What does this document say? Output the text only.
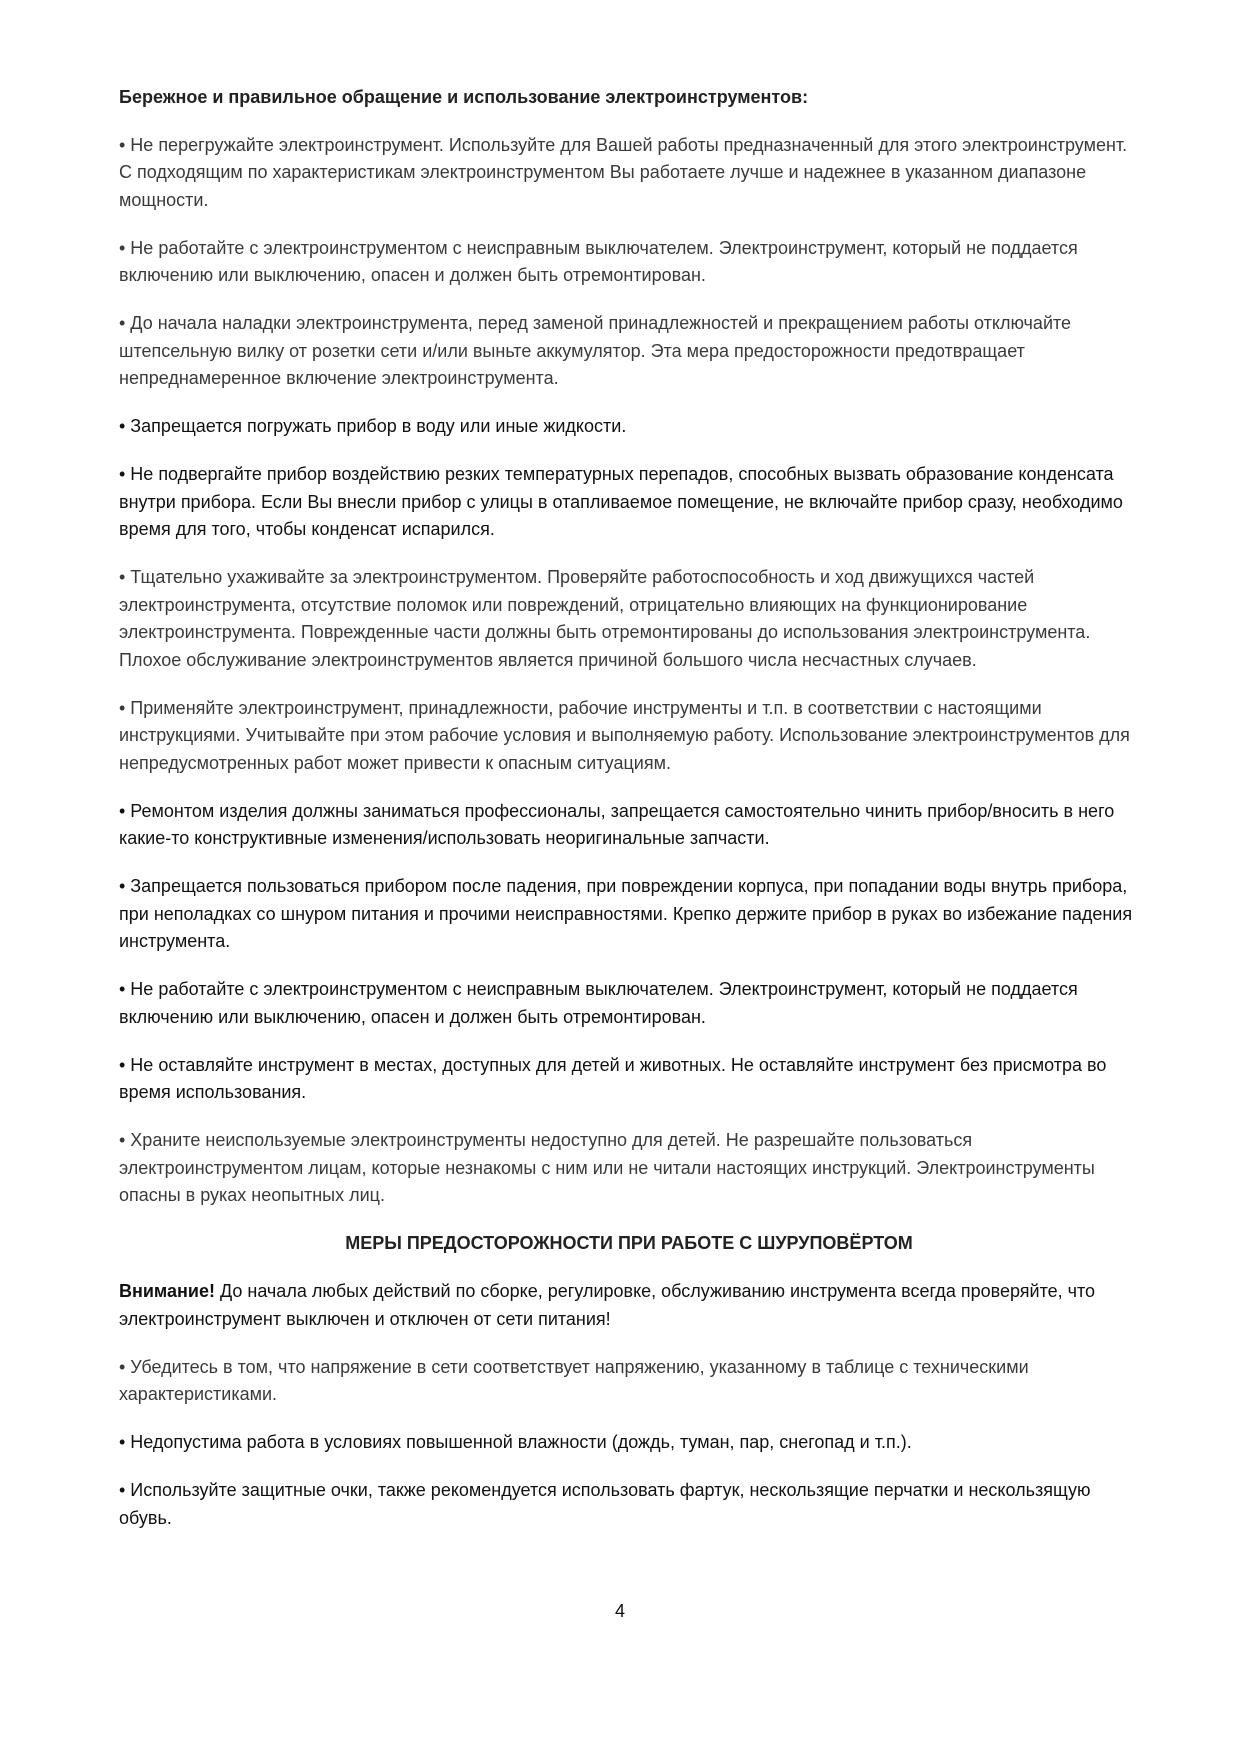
Бережное и правильное обращение и использование электроинструментов:

• Не перегружайте электроинструмент. Используйте для Вашей работы предназначенный для этого электроинструмент. С подходящим по характеристикам электроинструментом Вы работаете лучше и надежнее в указанном диапазоне мощности.

• Не работайте с электроинструментом с неисправным выключателем. Электроинструмент, который не поддается включению или выключению, опасен и должен быть отремонтирован.

• До начала наладки электроинструмента, перед заменой принадлежностей и прекращением работы отключайте штепсельную вилку от розетки сети и/или выньте аккумулятор. Эта мера предосторожности предотвращает непреднамеренное включение электроинструмента.

• Запрещается погружать прибор в воду или иные жидкости.

• Не подвергайте прибор воздействию резких температурных перепадов, способных вызвать образование конденсата внутри прибора. Если Вы внесли прибор с улицы в отапливаемое помещение, не включайте прибор сразу, необходимо время для того, чтобы конденсат испарился.

• Тщательно ухаживайте за электроинструментом. Проверяйте работоспособность и ход движущихся частей электроинструмента, отсутствие поломок или повреждений, отрицательно влияющих на функционирование электроинструмента. Поврежденные части должны быть отремонтированы до использования электроинструмента. Плохое обслуживание электроинструментов является причиной большого числа несчастных случаев.

• Применяйте электроинструмент, принадлежности, рабочие инструменты и т.п. в соответствии с настоящими инструкциями. Учитывайте при этом рабочие условия и выполняемую работу. Использование электроинструментов для непредусмотренных работ может привести к опасным ситуациям.

• Ремонтом изделия должны заниматься профессионалы, запрещается самостоятельно чинить прибор/вносить в него какие-то конструктивные изменения/использовать неоригинальные запчасти.

• Запрещается пользоваться прибором после падения, при повреждении корпуса, при попадании воды внутрь прибора, при неполадках со шнуром питания и прочими неисправностями. Крепко держите прибор в руках во избежание падения инструмента.

• Не работайте с электроинструментом с неисправным выключателем. Электроинструмент, который не поддается включению или выключению, опасен и должен быть отремонтирован.

• Не оставляйте инструмент в местах, доступных для детей и животных. Не оставляйте инструмент без присмотра во время использования.

• Храните неиспользуемые электроинструменты недоступно для детей. Не разрешайте пользоваться электроинструментом лицам, которые незнакомы с ним или не читали настоящих инструкций. Электроинструменты опасны в руках неопытных лиц.

МЕРЫ ПРЕДОСТОРОЖНОСТИ ПРИ РАБОТЕ С ШУРУПОВЁРТОМ

Внимание! До начала любых действий по сборке, регулировке, обслуживанию инструмента всегда проверяйте, что электроинструмент выключен и отключен от сети питания!

• Убедитесь в том, что напряжение в сети соответствует напряжению, указанному в таблице с техническими характеристиками.

• Недопустима работа в условиях повышенной влажности (дождь, туман, пар, снегопад и т.п.).

• Используйте защитные очки, также рекомендуется использовать фартук, нескользящие перчатки и нескользящую обувь.

4
